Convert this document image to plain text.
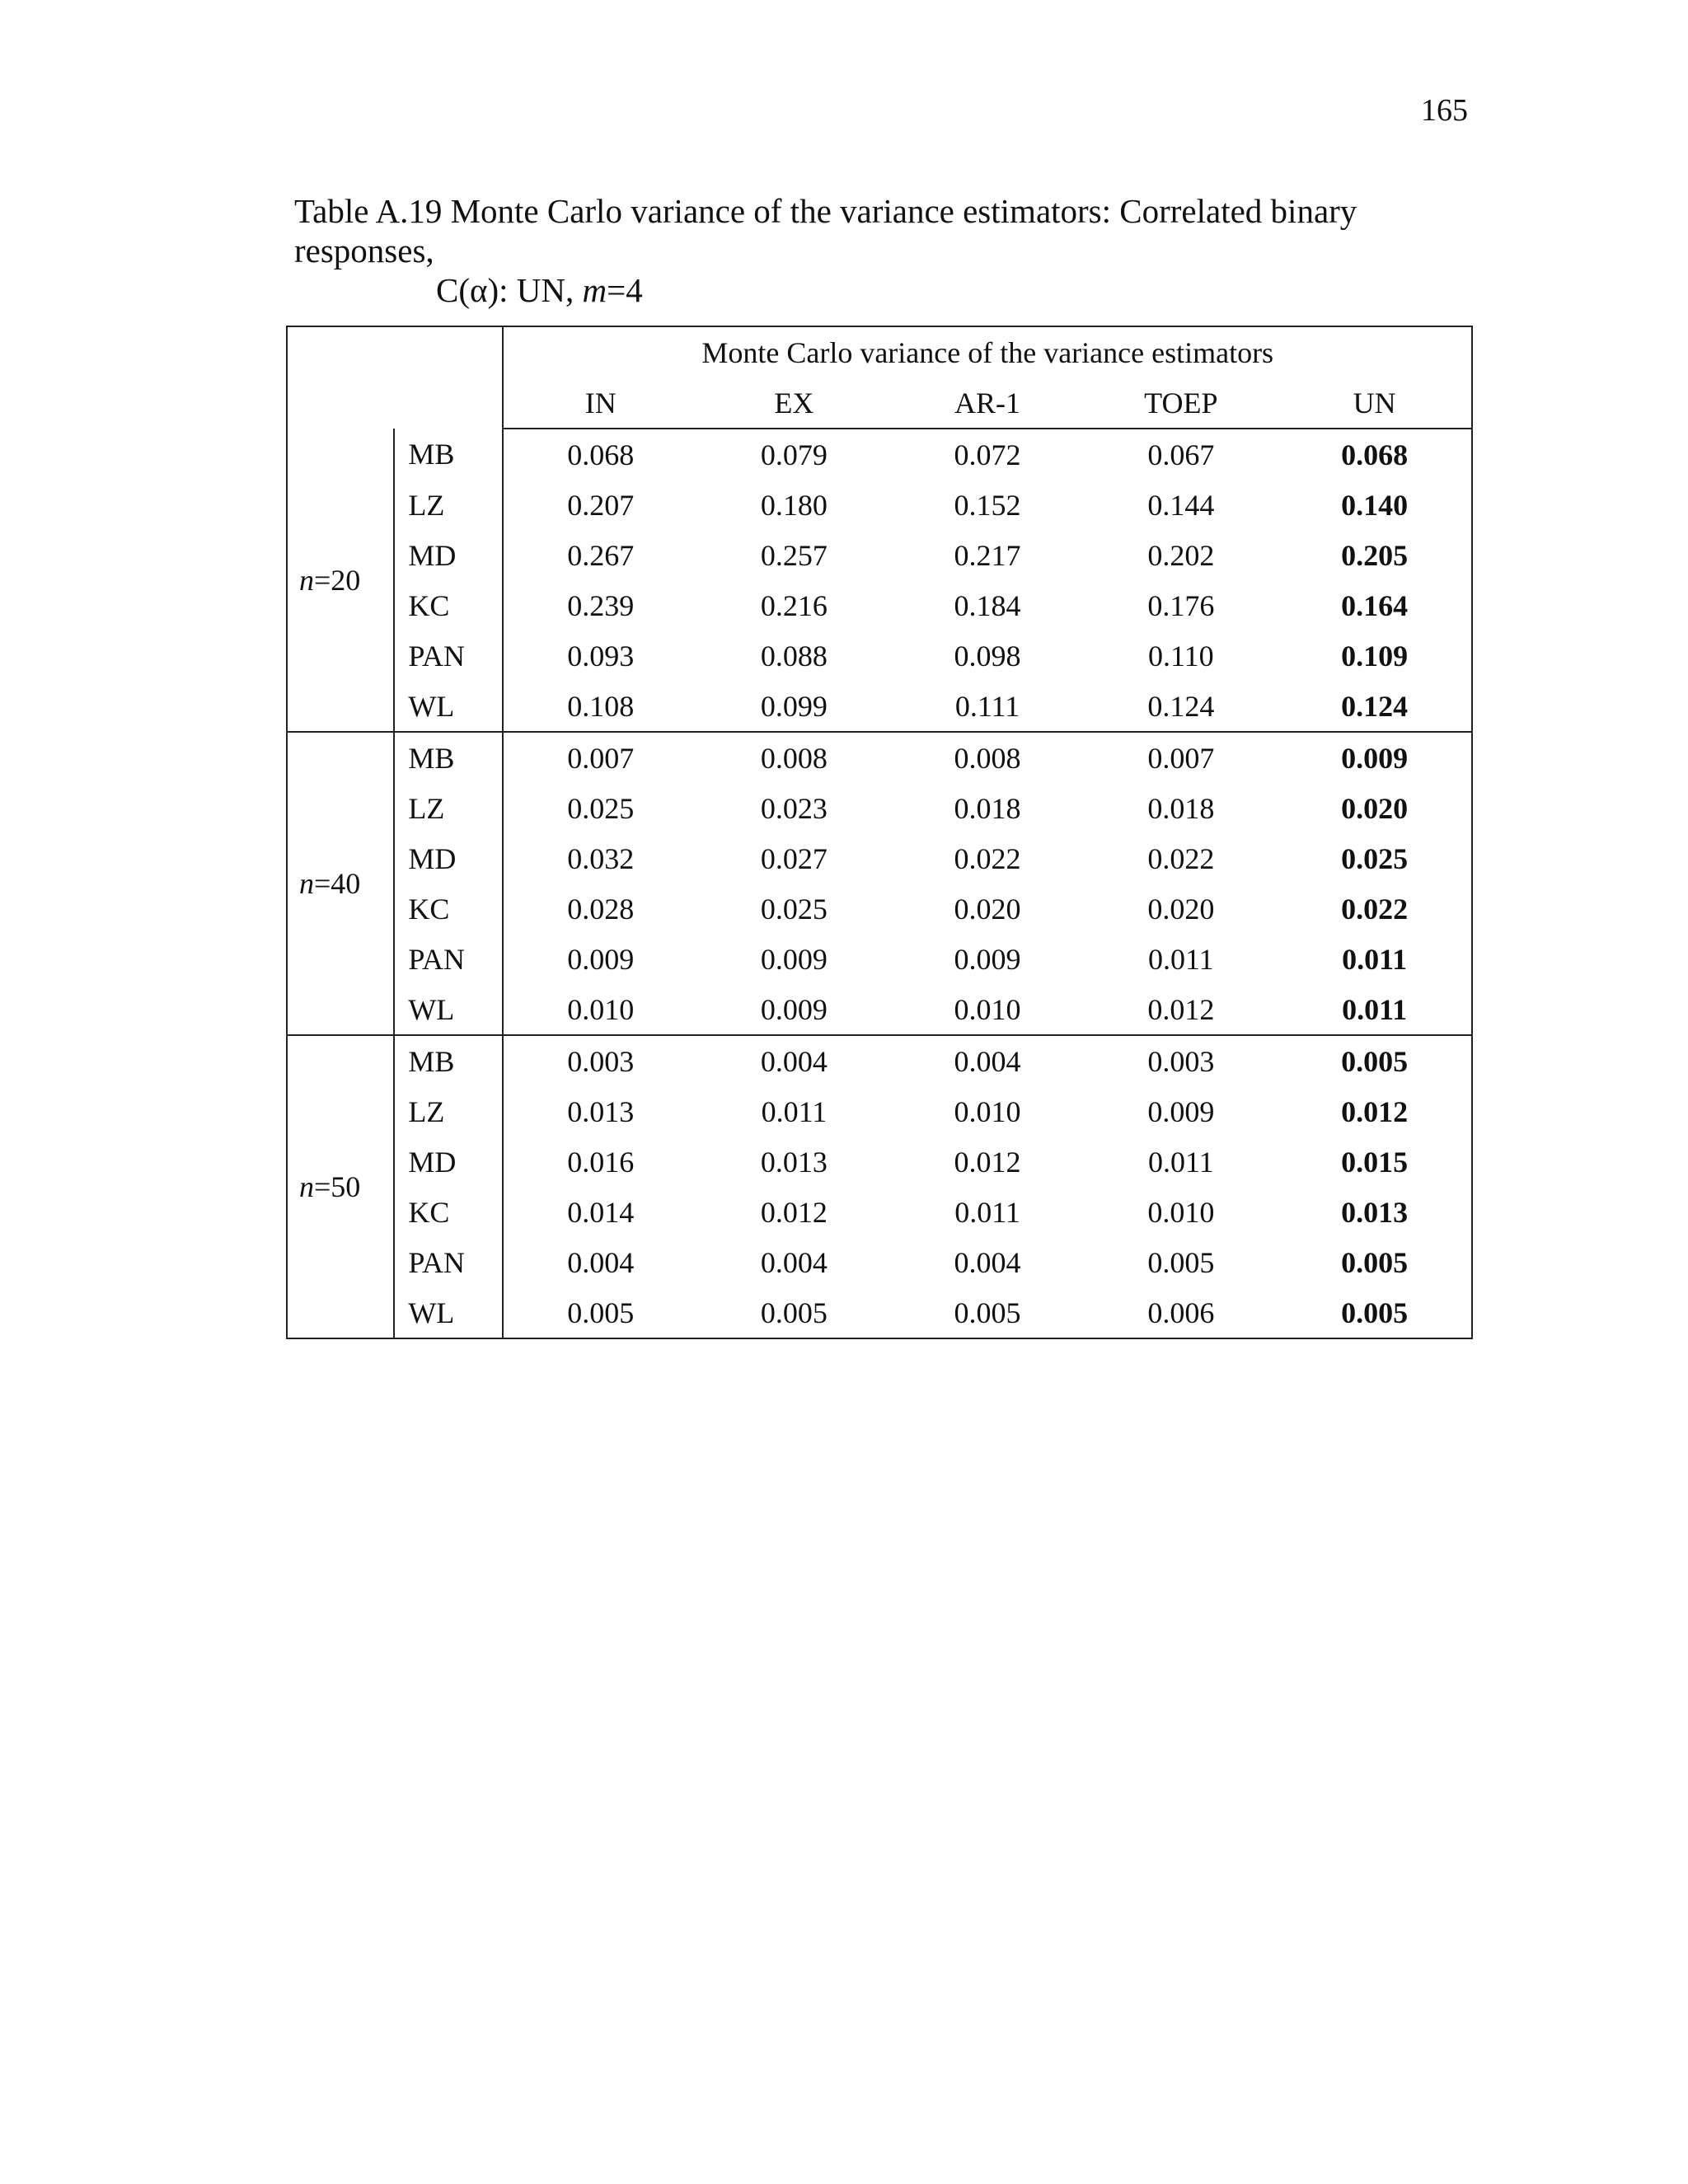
165
Table A.19 Monte Carlo variance of the variance estimators: Correlated binary responses,
C(α): UN, m=4
		Monte Carlo variance of the variance estimators				
		IN	EX	AR-1	TOEP	UN
n=20	MB	0.068	0.079	0.072	0.067	0.068
	LZ	0.207	0.180	0.152	0.144	0.140
	MD	0.267	0.257	0.217	0.202	0.205
	KC	0.239	0.216	0.184	0.176	0.164
	PAN	0.093	0.088	0.098	0.110	0.109
	WL	0.108	0.099	0.111	0.124	0.124
n=40	MB	0.007	0.008	0.008	0.007	0.009
	LZ	0.025	0.023	0.018	0.018	0.020
	MD	0.032	0.027	0.022	0.022	0.025
	KC	0.028	0.025	0.020	0.020	0.022
	PAN	0.009	0.009	0.009	0.011	0.011
	WL	0.010	0.009	0.010	0.012	0.011
n=50	MB	0.003	0.004	0.004	0.003	0.005
	LZ	0.013	0.011	0.010	0.009	0.012
	MD	0.016	0.013	0.012	0.011	0.015
	KC	0.014	0.012	0.011	0.010	0.013
	PAN	0.004	0.004	0.004	0.005	0.005
	WL	0.005	0.005	0.005	0.006	0.005
